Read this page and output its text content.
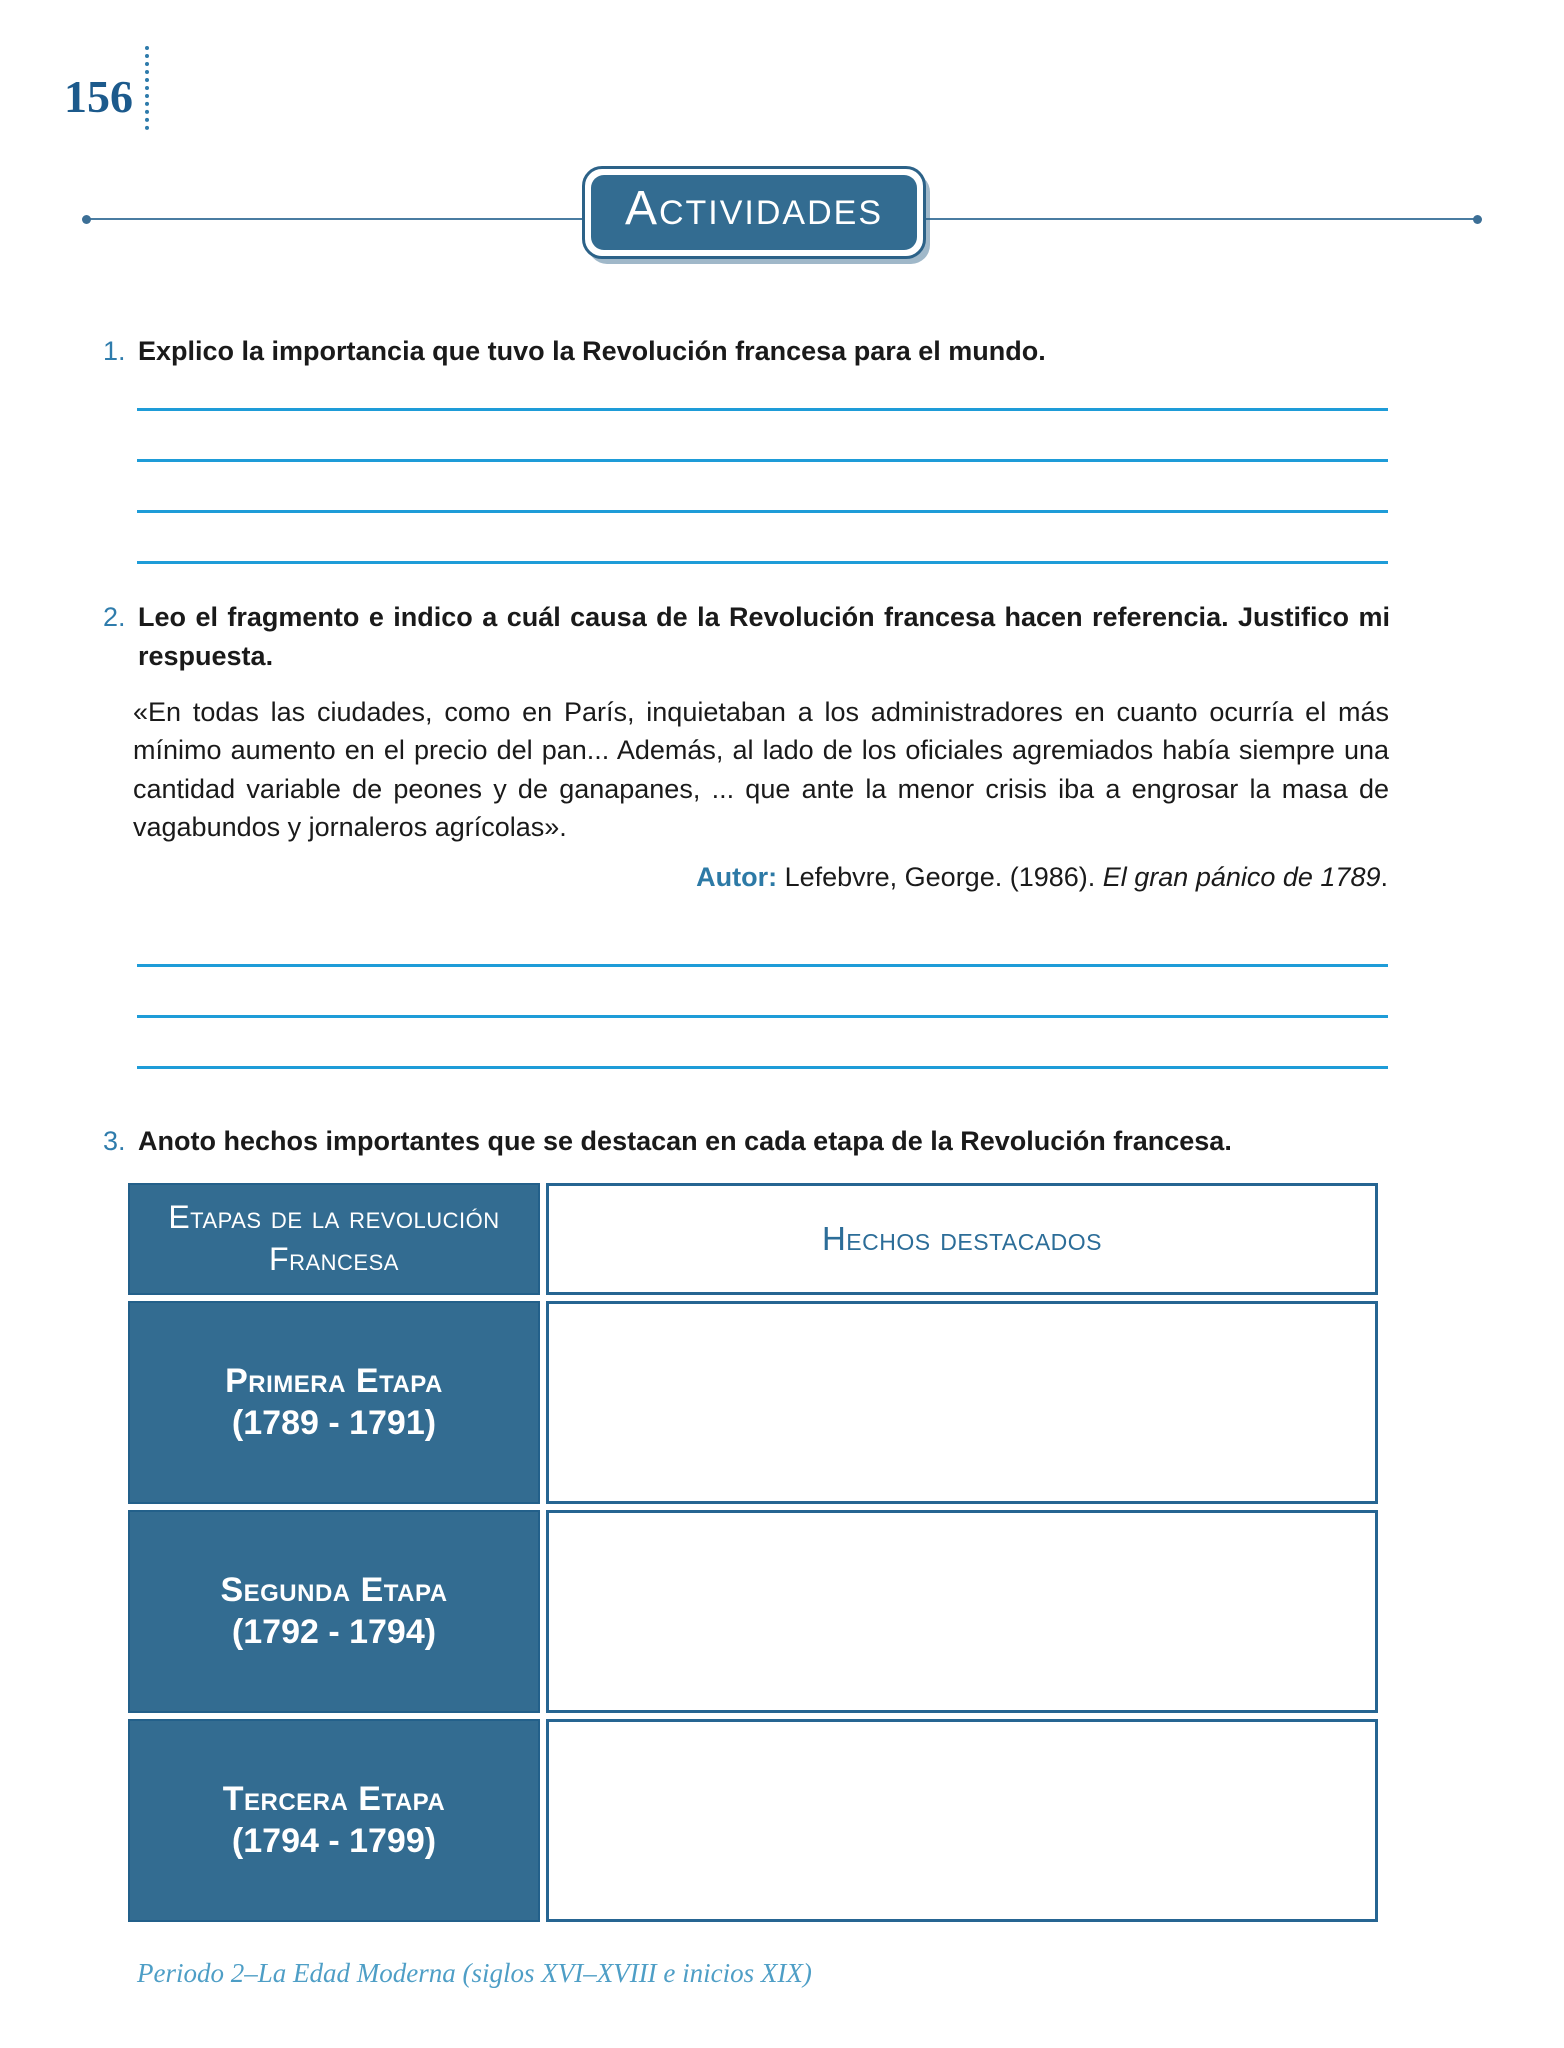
156
Actividades
1. Explico la importancia que tuvo la Revolución francesa para el mundo.
2. Leo el fragmento e indico a cuál causa de la Revolución francesa hacen referencia. Justifico mi respuesta.
«En todas las ciudades, como en París, inquietaban a los administradores en cuanto ocurría el más mínimo aumento en el precio del pan... Además, al lado de los oficiales agremiados había siempre una cantidad variable de peones y de ganapanes, ... que ante la menor crisis iba a engrosar la masa de vagabundos y jornaleros agrícolas».
Autor: Lefebvre, George. (1986). El gran pánico de 1789.
3. Anoto hechos importantes que se destacan en cada etapa de la Revolución francesa.
Etapas de la revolución Francesa
Hechos destacados
Primera Etapa
(1789 - 1791)
Segunda Etapa
(1792 - 1794)
Tercera Etapa
(1794 - 1799)
Periodo 2–La Edad Moderna (siglos XVI–XVIII e inicios XIX)
